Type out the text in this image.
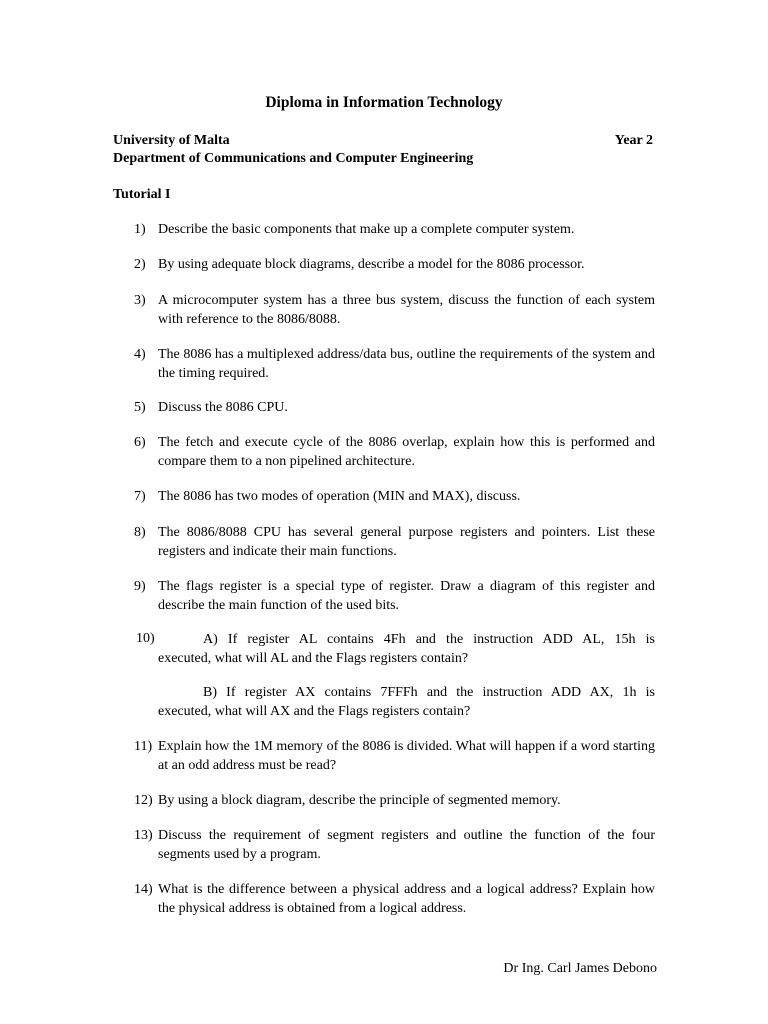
Diploma in Information Technology
University of Malta	Year 2
Department of Communications and Computer Engineering
Tutorial I
1) Describe the basic components that make up a complete computer system.
2) By using adequate block diagrams, describe a model for the 8086 processor.
3) A microcomputer system has a three bus system, discuss the function of each system with reference to the 8086/8088.
4) The 8086 has a multiplexed address/data bus, outline the requirements of the system and the timing required.
5) Discuss the 8086 CPU.
6) The fetch and execute cycle of the 8086 overlap, explain how this is performed and compare them to a non pipelined architecture.
7) The 8086 has two modes of operation (MIN and MAX), discuss.
8) The 8086/8088 CPU has several general purpose registers and pointers. List these registers and indicate their main functions.
9) The flags register is a special type of register. Draw a diagram of this register and describe the main function of the used bits.
10)	A) If register AL contains 4Fh and the instruction ADD AL, 15h is
executed, what will AL and the Flags registers contain?
B) If register AX contains 7FFFh and the instruction ADD AX, 1h is
executed, what will AX and the Flags registers contain?
11) Explain how the 1M memory of the 8086 is divided. What will happen if a word starting at an odd address must be read?
12) By using a block diagram, describe the principle of segmented memory.
13) Discuss the requirement of segment registers and outline the function of the four segments used by a program.
14) What is the difference between a physical address and a logical address? Explain how the physical address is obtained from a logical address.
Dr Ing. Carl James Debono
